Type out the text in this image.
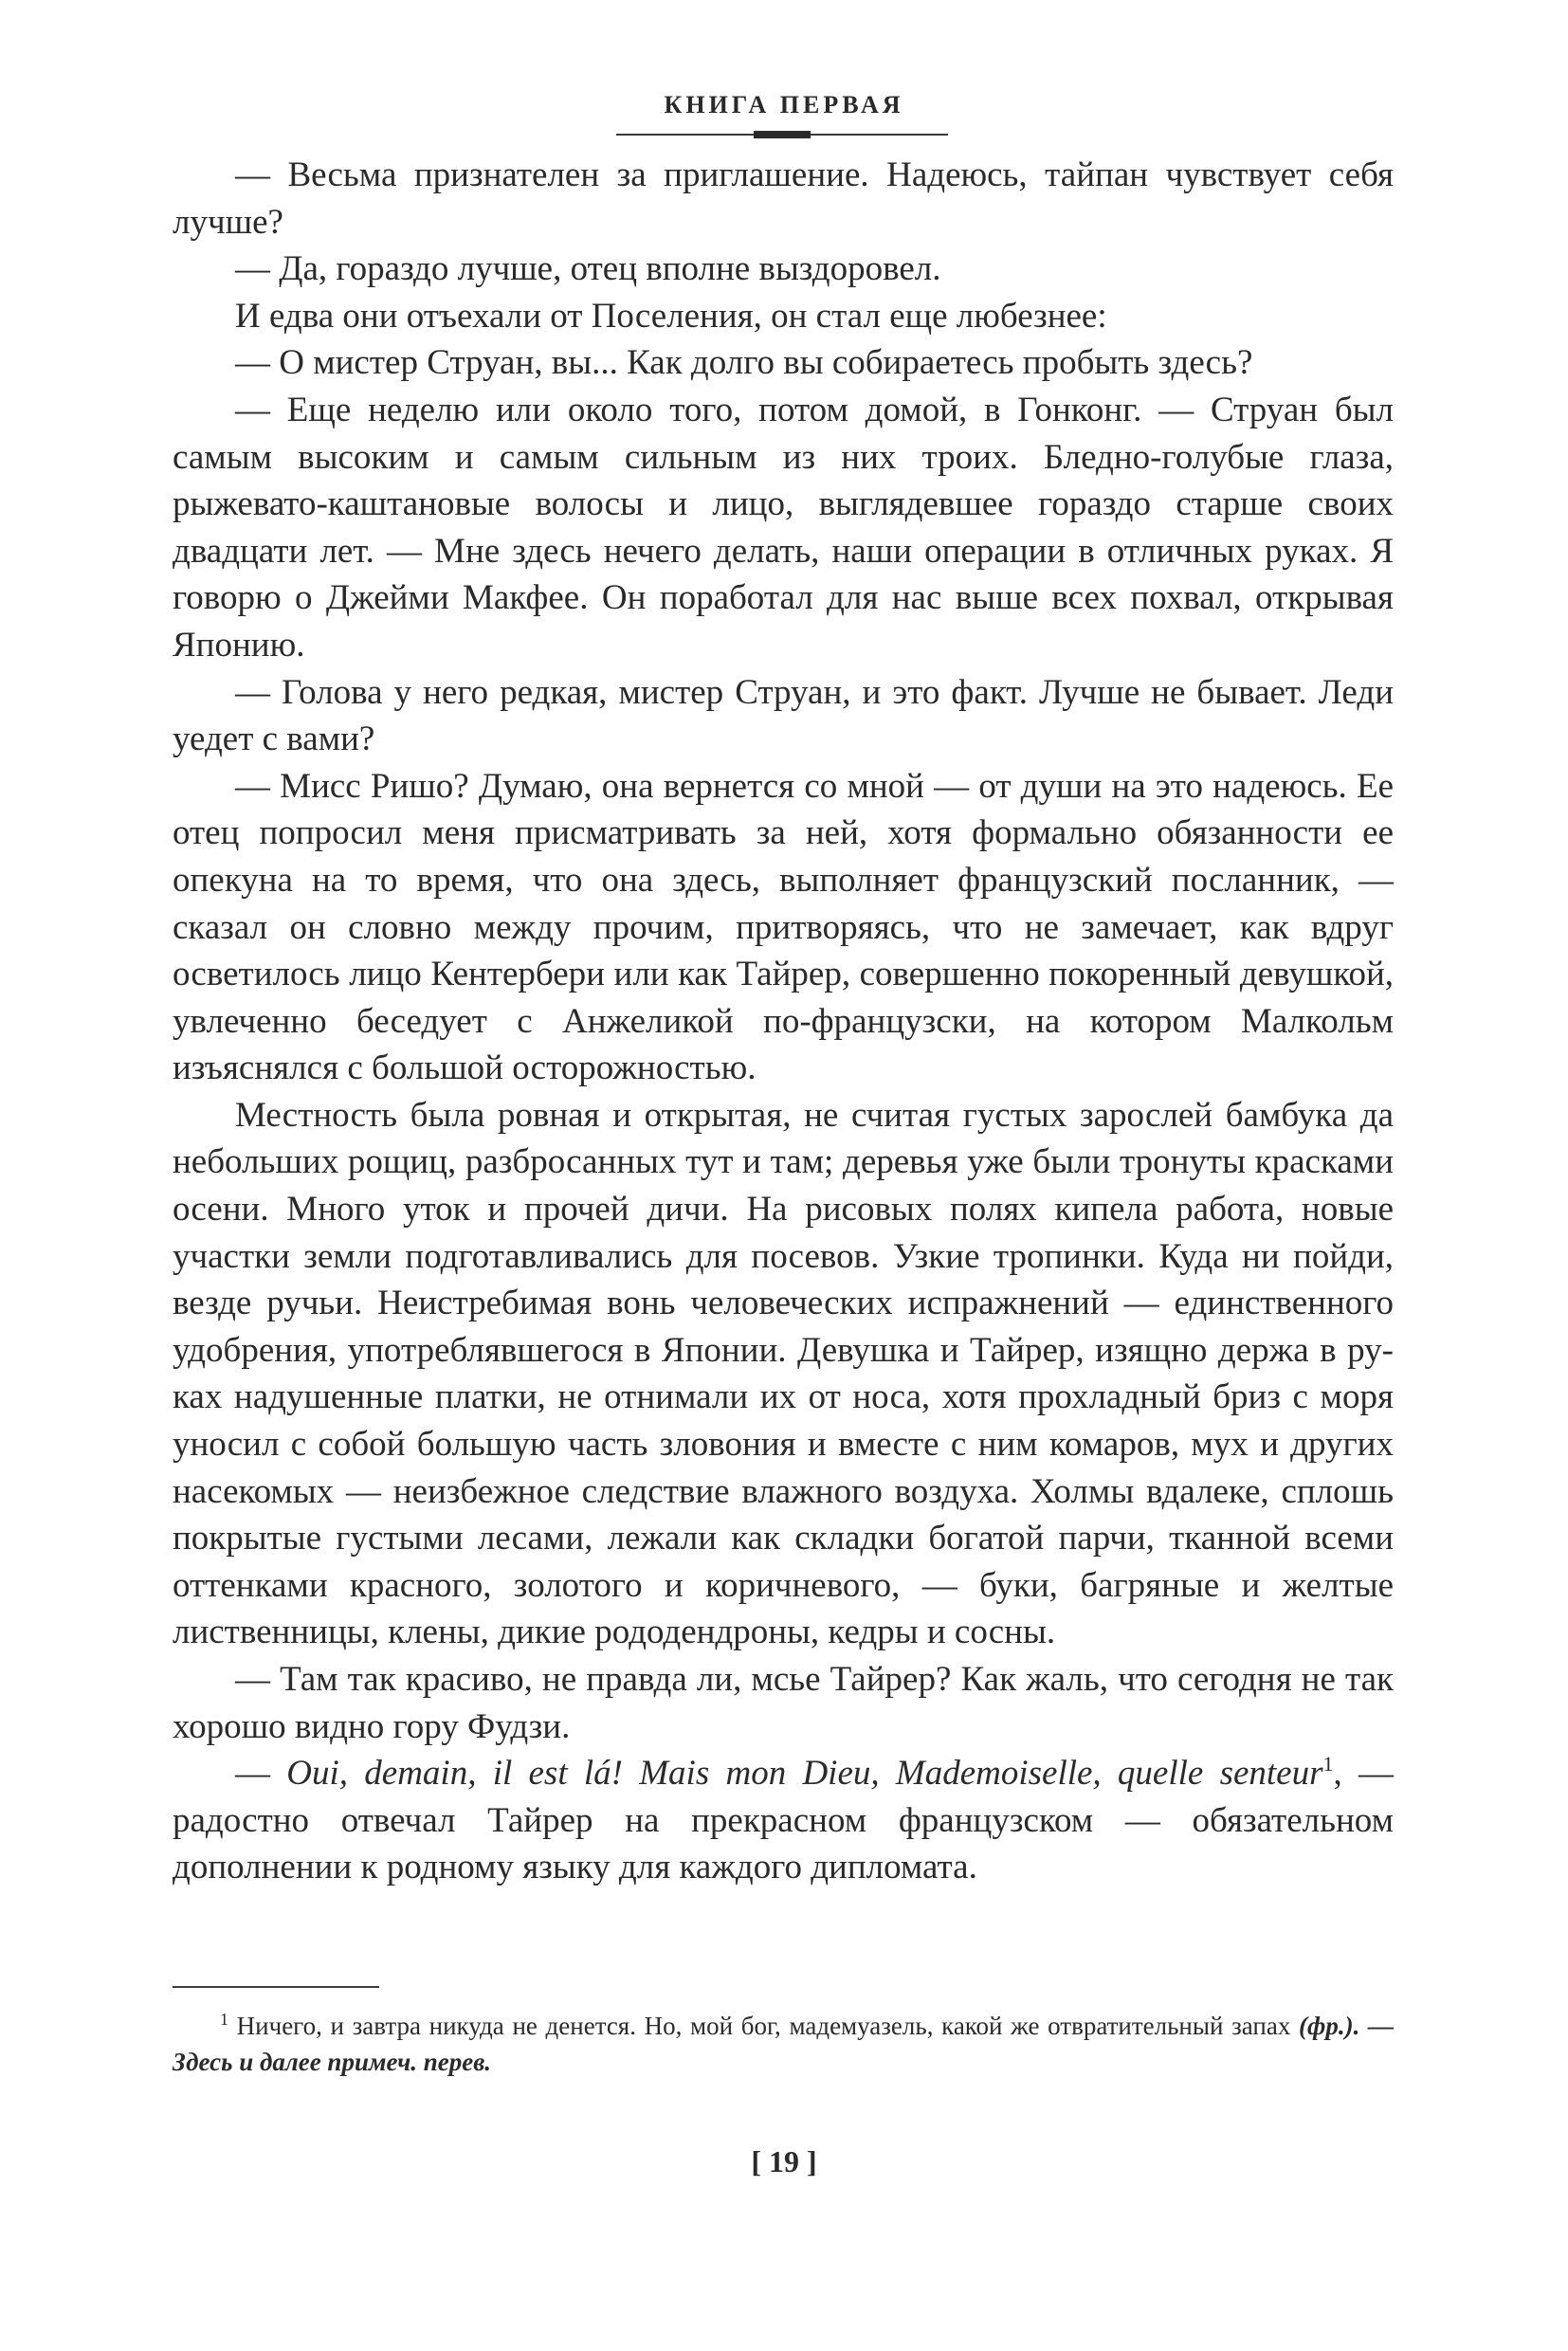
КНИГА ПЕРВАЯ

— Весьма признателен за приглашение. Надеюсь, тайпан чувствует себя лучше?

— Да, гораздо лучше, отец вполне выздоровел.

И едва они отъехали от Поселения, он стал еще любезнее:

— О мистер Струан, вы... Как долго вы собираетесь пробыть здесь?

— Еще неделю или около того, потом домой, в Гонконг. — Струан был самым высоким и самым сильным из них троих. Бледно-голубые глаза, рыжевато-каштановые волосы и лицо, выглядевшее гораздо старше своих двадцати лет. — Мне здесь нечего делать, наши операции в отличных руках. Я говорю о Джейми Макфее. Он поработал для нас выше всех похвал, открывая Японию.

— Голова у него редкая, мистер Струан, и это факт. Лучше не бывает. Леди уедет с вами?

— Мисс Ришо? Думаю, она вернется со мной — от души на это надеюсь. Ее отец попросил меня присматривать за ней, хотя формально обязанности ее опекуна на то время, что она здесь, выполняет французский посланник, — сказал он словно между прочим, притворяясь, что не замечает, как вдруг осветилось лицо Кентербери или как Тайрер, совершенно покоренный девушкой, увлеченно беседует с Анжеликой по-французски, на котором Малкольм изъяснялся с большой осторожностью.

Местность была ровная и открытая, не считая густых зарослей бамбука да небольших рощиц, разбросанных тут и там; деревья уже были тронуты красками осени. Много уток и прочей дичи. На рисовых полях кипела работа, новые участки земли подготавливались для посевов. Узкие тропинки. Куда ни пойди, везде ручьи. Неистребимая вонь человеческих испражнений — единственного удобрения, употреблявшегося в Японии. Девушка и Тайрер, изящно держа в руках надушенные платки, не отнимали их от носа, хотя прохладный бриз с моря уносил с собой большую часть зловония и вместе с ним комаров, мух и других насекомых — неизбежное следствие влажного воздуха. Холмы вдалеке, сплошь покрытые густыми лесами, лежали как складки богатой парчи, тканной всеми оттенками красного, золотого и коричневого, — буки, багряные и желтые лиственницы, клены, дикие рододендроны, кедры и сосны.

— Там так красиво, не правда ли, мсье Тайрер? Как жаль, что сегодня не так хорошо видно гору Фудзи.

— Oui, demain, il est lá! Mais mon Dieu, Mademoiselle, quelle senteur$^1$, — радостно отвечал Тайрер на прекрасном французском — обязательном дополнении к родному языку для каждого дипломата.

$^1$ Ничего, и завтра никуда не денется. Но, мой бог, мадемуазель, какой же отвратительный запах (фр.). — Здесь и далее примеч. перев.

[ 19 ]
